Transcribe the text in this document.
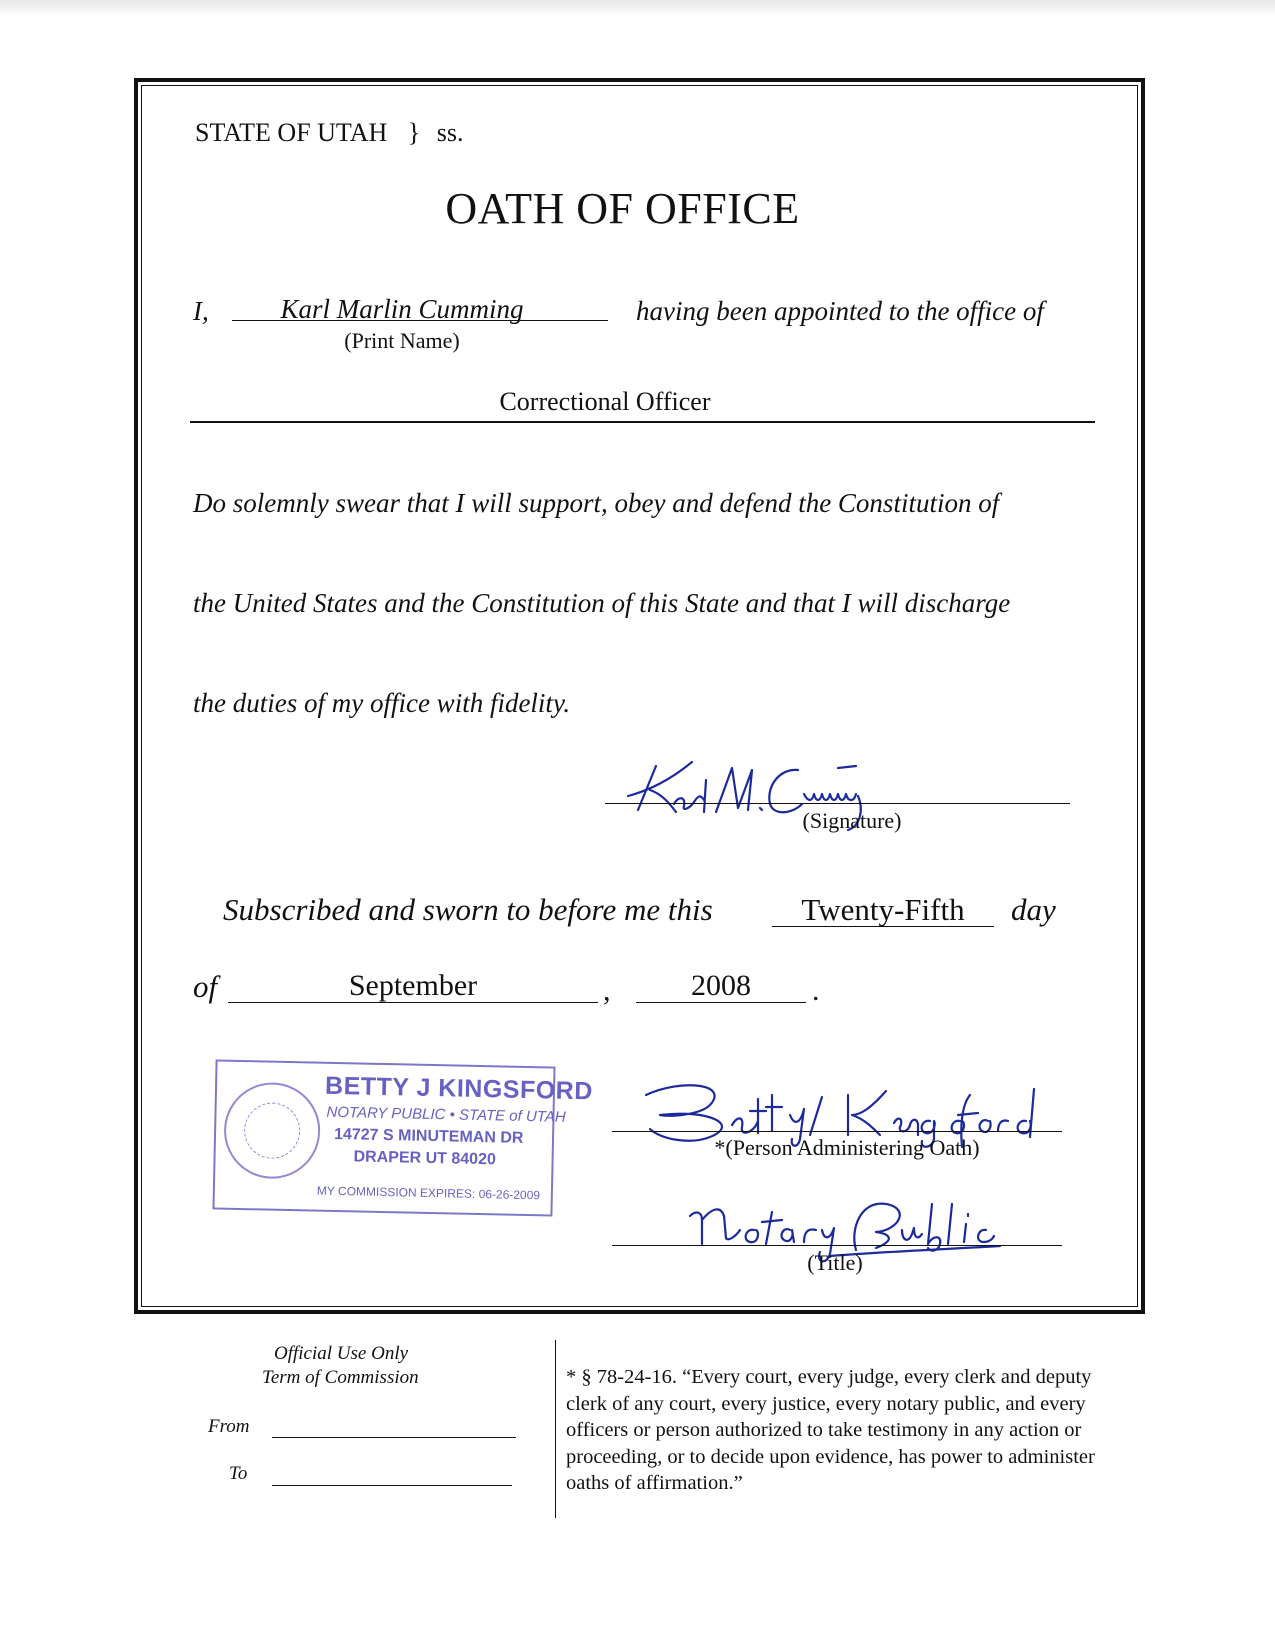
STATE OF UTAH } ss.
OATH OF OFFICE
I,	Karl Marlin Cumming
(Print Name)
having been appointed to the office of
Correctional Officer
Do solemnly swear that I will support, obey and defend the Constitution of
the United States and the Constitution of this State and that I will discharge
the duties of my office with fidelity.
(Signature)
Subscribed and sworn to before me this	Twenty-Fifth	day
of	September	,	2008	.
BETTY J KINGSFORD
NOTARY PUBLIC • STATE of UTAH
14727 S MINUTEMAN DR
DRAPER UT 84020
MY COMMISSION EXPIRES: 06-26-2009
*(Person Administering Oath)
(Title)
Official Use Only
Term of Commission
From
To
* § 78-24-16. “Every court, every judge, every clerk and deputy clerk of any court, every justice, every notary public, and every officers or person authorized to take testimony in any action or proceeding, or to decide upon evidence, has power to administer oaths of affirmation.”
